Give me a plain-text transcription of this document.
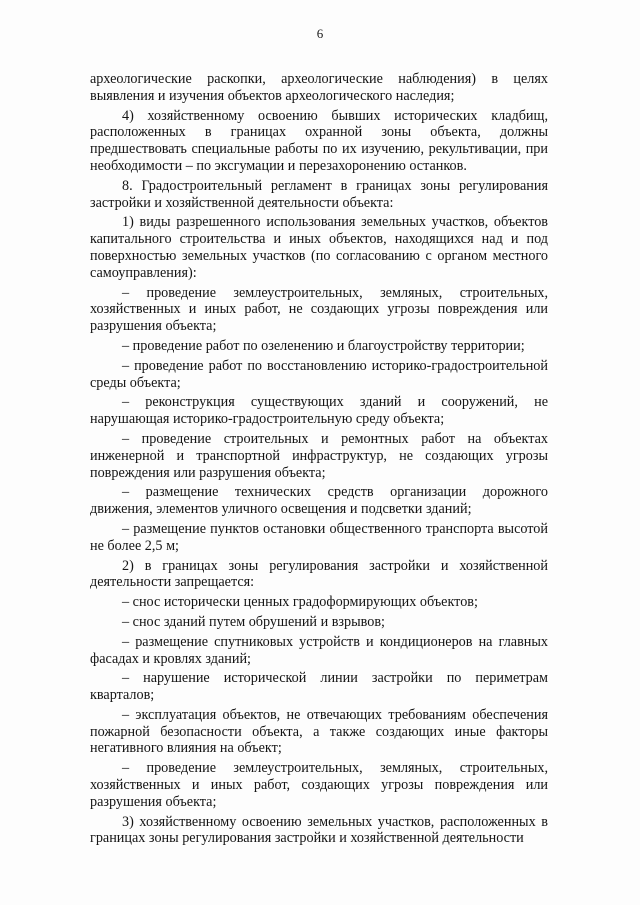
6

археологические раскопки, археологические наблюдения) в целях выявления и изучения объектов археологического наследия;

4) хозяйственному освоению бывших исторических кладбищ, расположенных в границах охранной зоны объекта, должны предшествовать специальные работы по их изучению, рекультивации, при необходимости – по эксгумации и перезахоронению останков.

8. Градостроительный регламент в границах зоны регулирования застройки и хозяйственной деятельности объекта:

1) виды разрешенного использования земельных участков, объектов капитального строительства и иных объектов, находящихся над и под поверхностью земельных участков (по согласованию с органом местного самоуправления):

– проведение землеустроительных, земляных, строительных, хозяйственных и иных работ, не создающих угрозы повреждения или разрушения объекта;

– проведение работ по озеленению и благоустройству территории;

– проведение работ по восстановлению историко-градостроительной среды объекта;

– реконструкция существующих зданий и сооружений, не нарушающая историко-градостроительную среду объекта;

– проведение строительных и ремонтных работ на объектах инженерной и транспортной инфраструктур, не создающих угрозы повреждения или разрушения объекта;

– размещение технических средств организации дорожного движения, элементов уличного освещения и подсветки зданий;

– размещение пунктов остановки общественного транспорта высотой не более 2,5 м;

2) в границах зоны регулирования застройки и хозяйственной деятельности запрещается:

– снос исторически ценных градоформирующих объектов;

– снос зданий путем обрушений и взрывов;

– размещение спутниковых устройств и кондиционеров на главных фасадах и кровлях зданий;

– нарушение исторической линии застройки по периметрам кварталов;

– эксплуатация объектов, не отвечающих требованиям обеспечения пожарной безопасности объекта, а также создающих иные факторы негативного влияния на объект;

– проведение землеустроительных, земляных, строительных, хозяйственных и иных работ, создающих угрозы повреждения или разрушения объекта;

3) хозяйственному освоению земельных участков, расположенных в границах зоны регулирования застройки и хозяйственной деятельности
